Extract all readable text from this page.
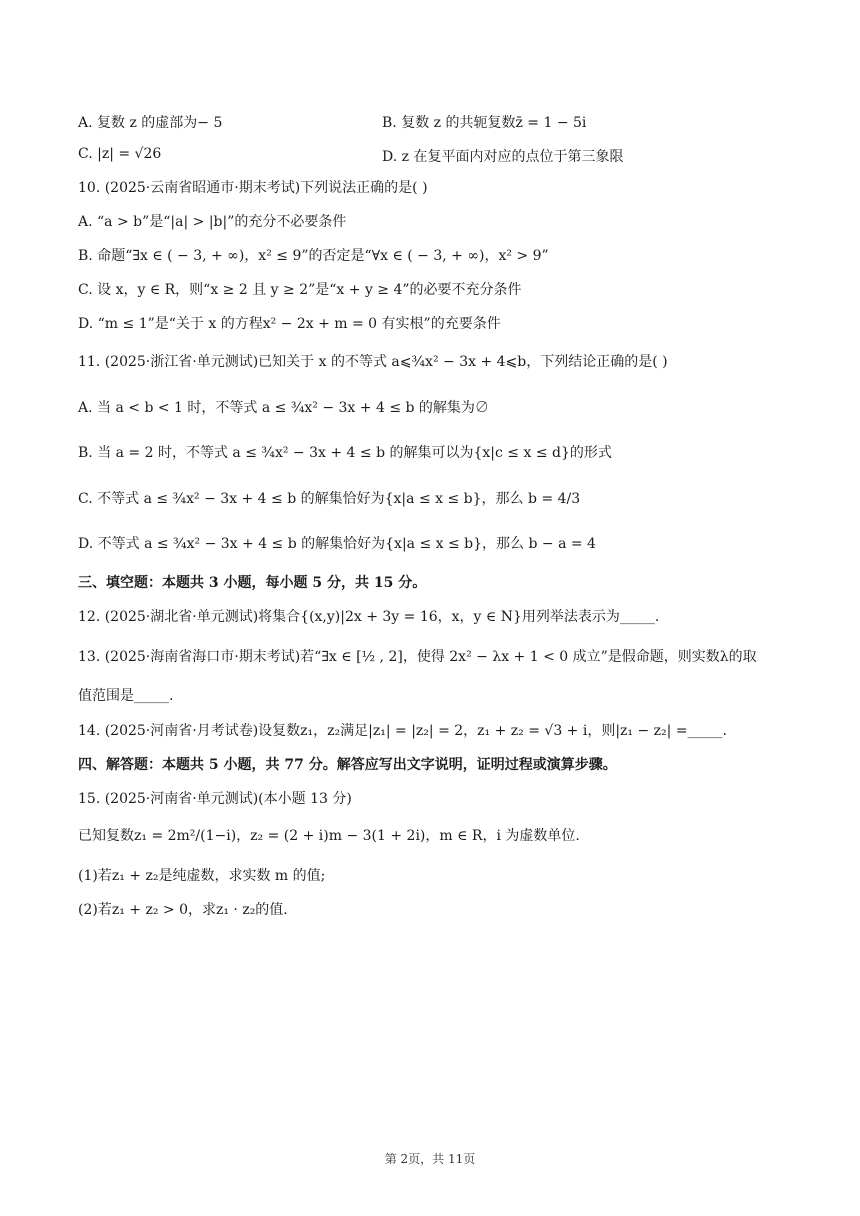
A. 复数 z 的虚部为− 5	B. 复数 z 的共轭复数z̄ = 1 − 5i
C. |z| = √26	D. z 在复平面内对应的点位于第三象限
10. (2025·云南省昭通市·期末考试)下列说法正确的是( )
A. “a > b”是“|a| > |b|”的充分不必要条件
B. 命题“∃x ∈ ( − 3, + ∞)，x² ≤ 9”的否定是“∀x ∈ ( − 3, + ∞)，x² > 9”
C. 设 x，y ∈ R，则“x ≥ 2 且 y ≥ 2”是“x + y ≥ 4”的必要不充分条件
D. “m ≤ 1”是“关于 x 的方程x² − 2x + m = 0 有实根”的充要条件
11. (2025·浙江省·单元测试)已知关于 x 的不等式 a⩽¾x² − 3x + 4⩽b，下列结论正确的是( )
A. 当 a < b < 1 时，不等式 a ≤ ¾x² − 3x + 4 ≤ b 的解集为∅
B. 当 a = 2 时，不等式 a ≤ ¾x² − 3x + 4 ≤ b 的解集可以为{x|c ≤ x ≤ d}的形式
C. 不等式 a ≤ ¾x² − 3x + 4 ≤ b 的解集恰好为{x|a ≤ x ≤ b}，那么 b = 4/3
D. 不等式 a ≤ ¾x² − 3x + 4 ≤ b 的解集恰好为{x|a ≤ x ≤ b}，那么 b − a = 4
三、填空题：本题共 3 小题，每小题 5 分，共 15 分。
12. (2025·湖北省·单元测试)将集合{(x,y)|2x + 3y = 16，x，y ∈ N}用列举法表示为_____.
13. (2025·海南省海口市·期末考试)若“∃x ∈ [½ , 2]，使得 2x² − λx + 1 < 0 成立”是假命题，则实数λ的取
值范围是_____.
14. (2025·河南省·月考试卷)设复数z₁，z₂满足|z₁| = |z₂| = 2，z₁ + z₂ = √3 + i，则|z₁ − z₂| =_____.
四、解答题：本题共 5 小题，共 77 分。解答应写出文字说明，证明过程或演算步骤。
15. (2025·河南省·单元测试)(本小题 13 分)
已知复数z₁ = 2m²/(1−i)，z₂ = (2 + i)m − 3(1 + 2i)，m ∈ R，i 为虚数单位.
(1)若z₁ + z₂是纯虚数，求实数 m 的值;
(2)若z₁ + z₂ > 0，求z₁ · z₂的值.
第 2页，共 11页
